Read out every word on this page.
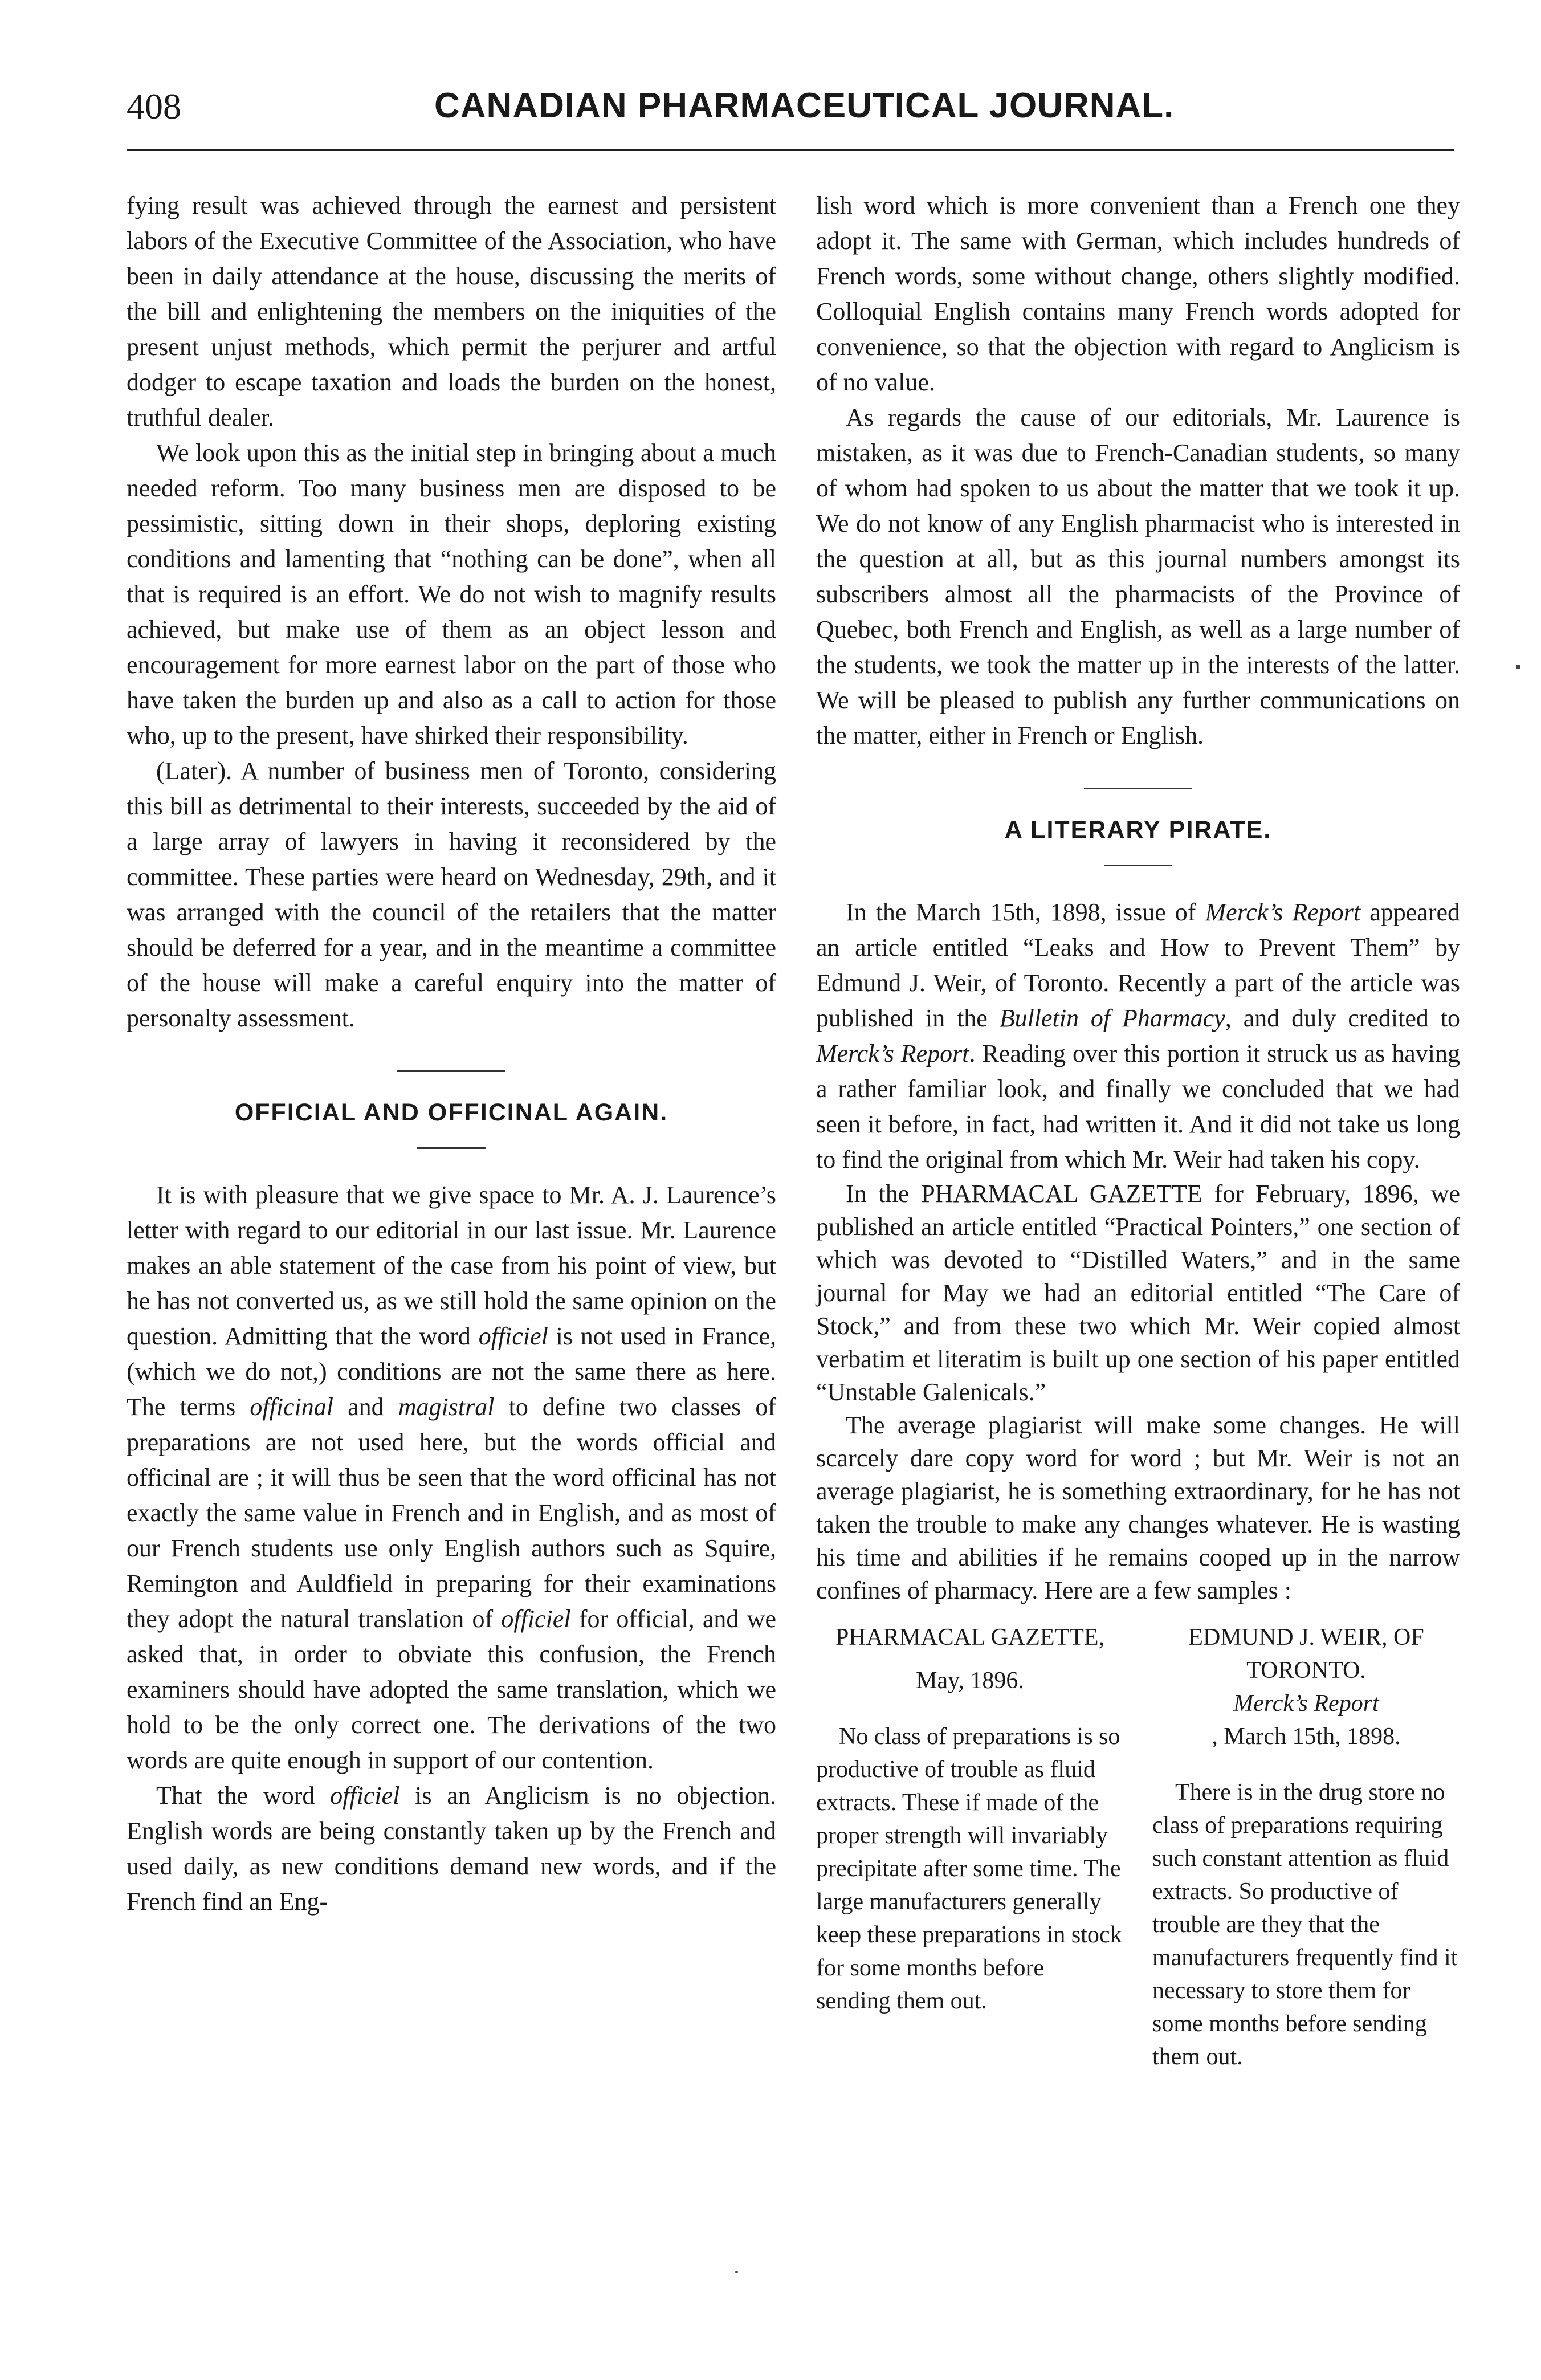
408	CANADIAN PHARMACEUTICAL JOURNAL.

fying result was achieved through the earnest and persistent labors of the Executive Committee of the Association, who have been in daily attendance at the house, discussing the merits of the bill and enlightening the members on the iniquities of the present unjust methods, which permit the perjurer and artful dodger to escape taxation and loads the burden on the honest, truthful dealer.

We look upon this as the initial step in bringing about a much needed reform. Too many business men are disposed to be pessimistic, sitting down in their shops, deploring existing conditions and lamenting that “nothing can be done”, when all that is required is an effort. We do not wish to magnify results achieved, but make use of them as an object lesson and encouragement for more earnest labor on the part of those who have taken the burden up and also as a call to action for those who, up to the present, have shirked their responsibility.

(Later). A number of business men of Toronto, considering this bill as detrimental to their interests, succeeded by the aid of a large array of lawyers in having it reconsidered by the committee. These parties were heard on Wednesday, 29th, and it was arranged with the council of the retailers that the matter should be deferred for a year, and in the meantime a committee of the house will make a careful enquiry into the matter of personalty assessment.

OFFICIAL AND OFFICINAL AGAIN.

It is with pleasure that we give space to Mr. A. J. Laurence’s letter with regard to our editorial in our last issue. Mr. Laurence makes an able statement of the case from his point of view, but he has not converted us, as we still hold the same opinion on the question. Admitting that the word officiel is not used in France, (which we do not,) conditions are not the same there as here. The terms officinal and magistral to define two classes of preparations are not used here, but the words official and officinal are ; it will thus be seen that the word officinal has not exactly the same value in French and in English, and as most of our French students use only English authors such as Squire, Remington and Auldfield in preparing for their examinations they adopt the natural translation of officiel for official, and we asked that, in order to obviate this confusion, the French examiners should have adopted the same translation, which we hold to be the only correct one. The derivations of the two words are quite enough in support of our contention.

That the word officiel is an Anglicism is no objection. English words are being constantly taken up by the French and used daily, as new conditions demand new words, and if the French find an Eng-

lish word which is more convenient than a French one they adopt it. The same with German, which includes hundreds of French words, some without change, others slightly modified. Colloquial English contains many French words adopted for convenience, so that the objection with regard to Anglicism is of no value.

As regards the cause of our editorials, Mr. Laurence is mistaken, as it was due to French-Canadian students, so many of whom had spoken to us about the matter that we took it up. We do not know of any English pharmacist who is interested in the question at all, but as this journal numbers amongst its subscribers almost all the pharmacists of the Province of Quebec, both French and English, as well as a large number of the students, we took the matter up in the interests of the latter. We will be pleased to publish any further communications on the matter, either in French or English.

A LITERARY PIRATE.

In the March 15th, 1898, issue of Merck’s Report appeared an article entitled “Leaks and How to Prevent Them” by Edmund J. Weir, of Toronto. Recently a part of the article was published in the Bulletin of Pharmacy, and duly credited to Merck’s Report. Reading over this portion it struck us as having a rather familiar look, and finally we concluded that we had seen it before, in fact, had written it. And it did not take us long to find the original from which Mr. Weir had taken his copy.

In the PHARMACAL GAZETTE for February, 1896, we published an article entitled “Practical Pointers,” one section of which was devoted to “Distilled Waters,” and in the same journal for May we had an editorial entitled “The Care of Stock,” and from these two which Mr. Weir copied almost verbatim et literatim is built up one section of his paper entitled “Unstable Galenicals.”

The average plagiarist will make some changes. He will scarcely dare copy word for word ; but Mr. Weir is not an average plagiarist, he is something extraordinary, for he has not taken the trouble to make any changes whatever. He is wasting his time and abilities if he remains cooped up in the narrow confines of pharmacy. Here are a few samples :

PHARMACAL GAZETTE,
May, 1896.
No class of preparations is so productive of trouble as fluid extracts. These if made of the proper strength will invariably precipitate after some time. The large manufacturers generally keep these preparations in stock for some months before sending them out.
EDMUND J. WEIR, OF
TORONTO.
Merck’s Report
, March 15th, 1898.
There is in the drug store no class of preparations requiring such constant attention as fluid extracts. So productive of trouble are they that the manufacturers frequently find it necessary to store them for some months before sending them out.
